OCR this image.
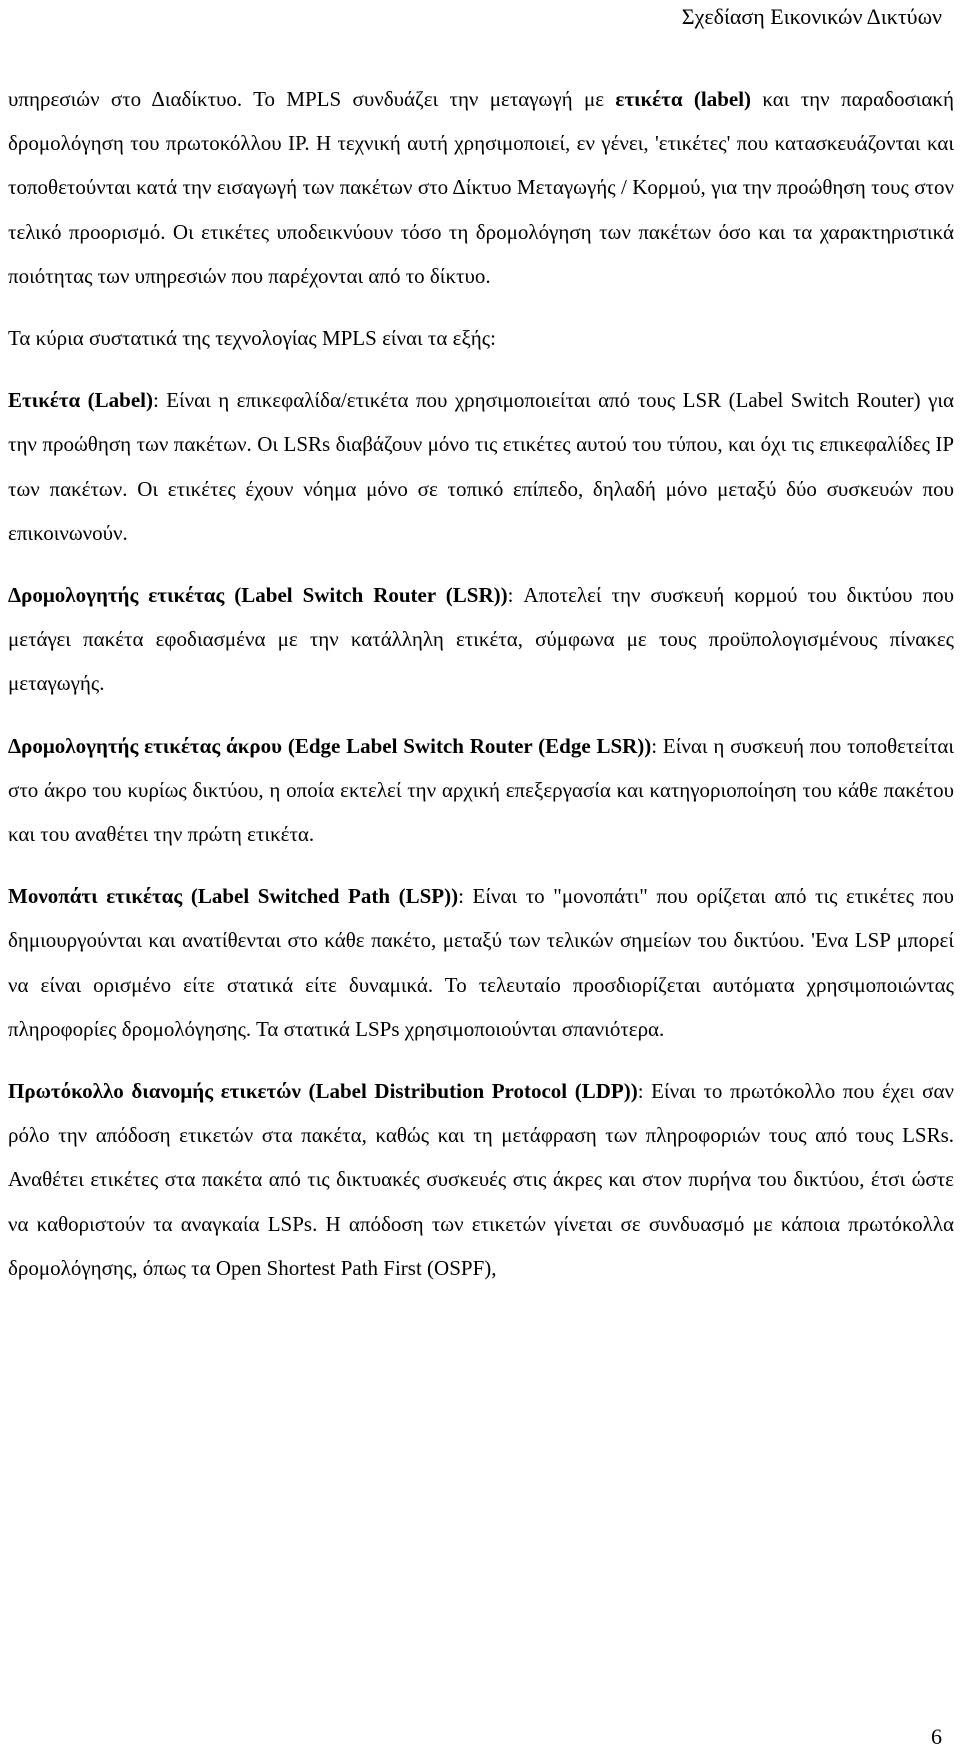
Σχεδίαση Εικονικών Δικτύων

υπηρεσιών στο Διαδίκτυο. Το MPLS συνδυάζει την μεταγωγή με ετικέτα (label) και την παραδοσιακή δρομολόγηση του πρωτοκόλλου IP. Η τεχνική αυτή χρησιμοποιεί, εν γένει, 'ετικέτες' που κατασκευάζονται και τοποθετούνται κατά την εισαγωγή των πακέτων στο Δίκτυο Μεταγωγής / Κορμού, για την προώθηση τους στον τελικό προορισμό. Οι ετικέτες υποδεικνύουν τόσο τη δρομολόγηση των πακέτων όσο και τα χαρακτηριστικά ποιότητας των υπηρεσιών που παρέχονται από το δίκτυο.

Τα κύρια συστατικά της τεχνολογίας MPLS είναι τα εξής:

Ετικέτα (Label): Είναι η επικεφαλίδα/ετικέτα που χρησιμοποιείται από τους LSR (Label Switch Router) για την προώθηση των πακέτων. Οι LSRs διαβάζουν μόνο τις ετικέτες αυτού του τύπου, και όχι τις επικεφαλίδες IP των πακέτων. Οι ετικέτες έχουν νόημα μόνο σε τοπικό επίπεδο, δηλαδή μόνο μεταξύ δύο συσκευών που επικοινωνούν.

Δρομολογητής ετικέτας (Label Switch Router (LSR)): Αποτελεί την συσκευή κορμού του δικτύου που μετάγει πακέτα εφοδιασμένα με την κατάλληλη ετικέτα, σύμφωνα με τους προϋπολογισμένους πίνακες μεταγωγής.

Δρομολογητής ετικέτας άκρου (Edge Label Switch Router (Edge LSR)): Είναι η συσκευή που τοποθετείται στο άκρο του κυρίως δικτύου, η οποία εκτελεί την αρχική επεξεργασία και κατηγοριοποίηση του κάθε πακέτου και του αναθέτει την πρώτη ετικέτα.

Μονοπάτι ετικέτας (Label Switched Path (LSP)): Είναι το "μονοπάτι" που ορίζεται από τις ετικέτες που δημιουργούνται και ανατίθενται στο κάθε πακέτο, μεταξύ των τελικών σημείων του δικτύου. 'Ενα LSP μπορεί να είναι ορισμένο είτε στατικά είτε δυναμικά. Το τελευταίο προσδιορίζεται αυτόματα χρησιμοποιώντας πληροφορίες δρομολόγησης. Τα στατικά LSPs χρησιμοποιούνται σπανιότερα.

Πρωτόκολλο διανομής ετικετών (Label Distribution Protocol (LDP)): Είναι το πρωτόκολλο που έχει σαν ρόλο την απόδοση ετικετών στα πακέτα, καθώς και τη μετάφραση των πληροφοριών τους από τους LSRs. Αναθέτει ετικέτες στα πακέτα από τις δικτυακές συσκευές στις άκρες και στον πυρήνα του δικτύου, έτσι ώστε να καθοριστούν τα αναγκαία LSPs. Η απόδοση των ετικετών γίνεται σε συνδυασμό με κάποια πρωτόκολλα δρομολόγησης, όπως τα Open Shortest Path First (OSPF),

6
